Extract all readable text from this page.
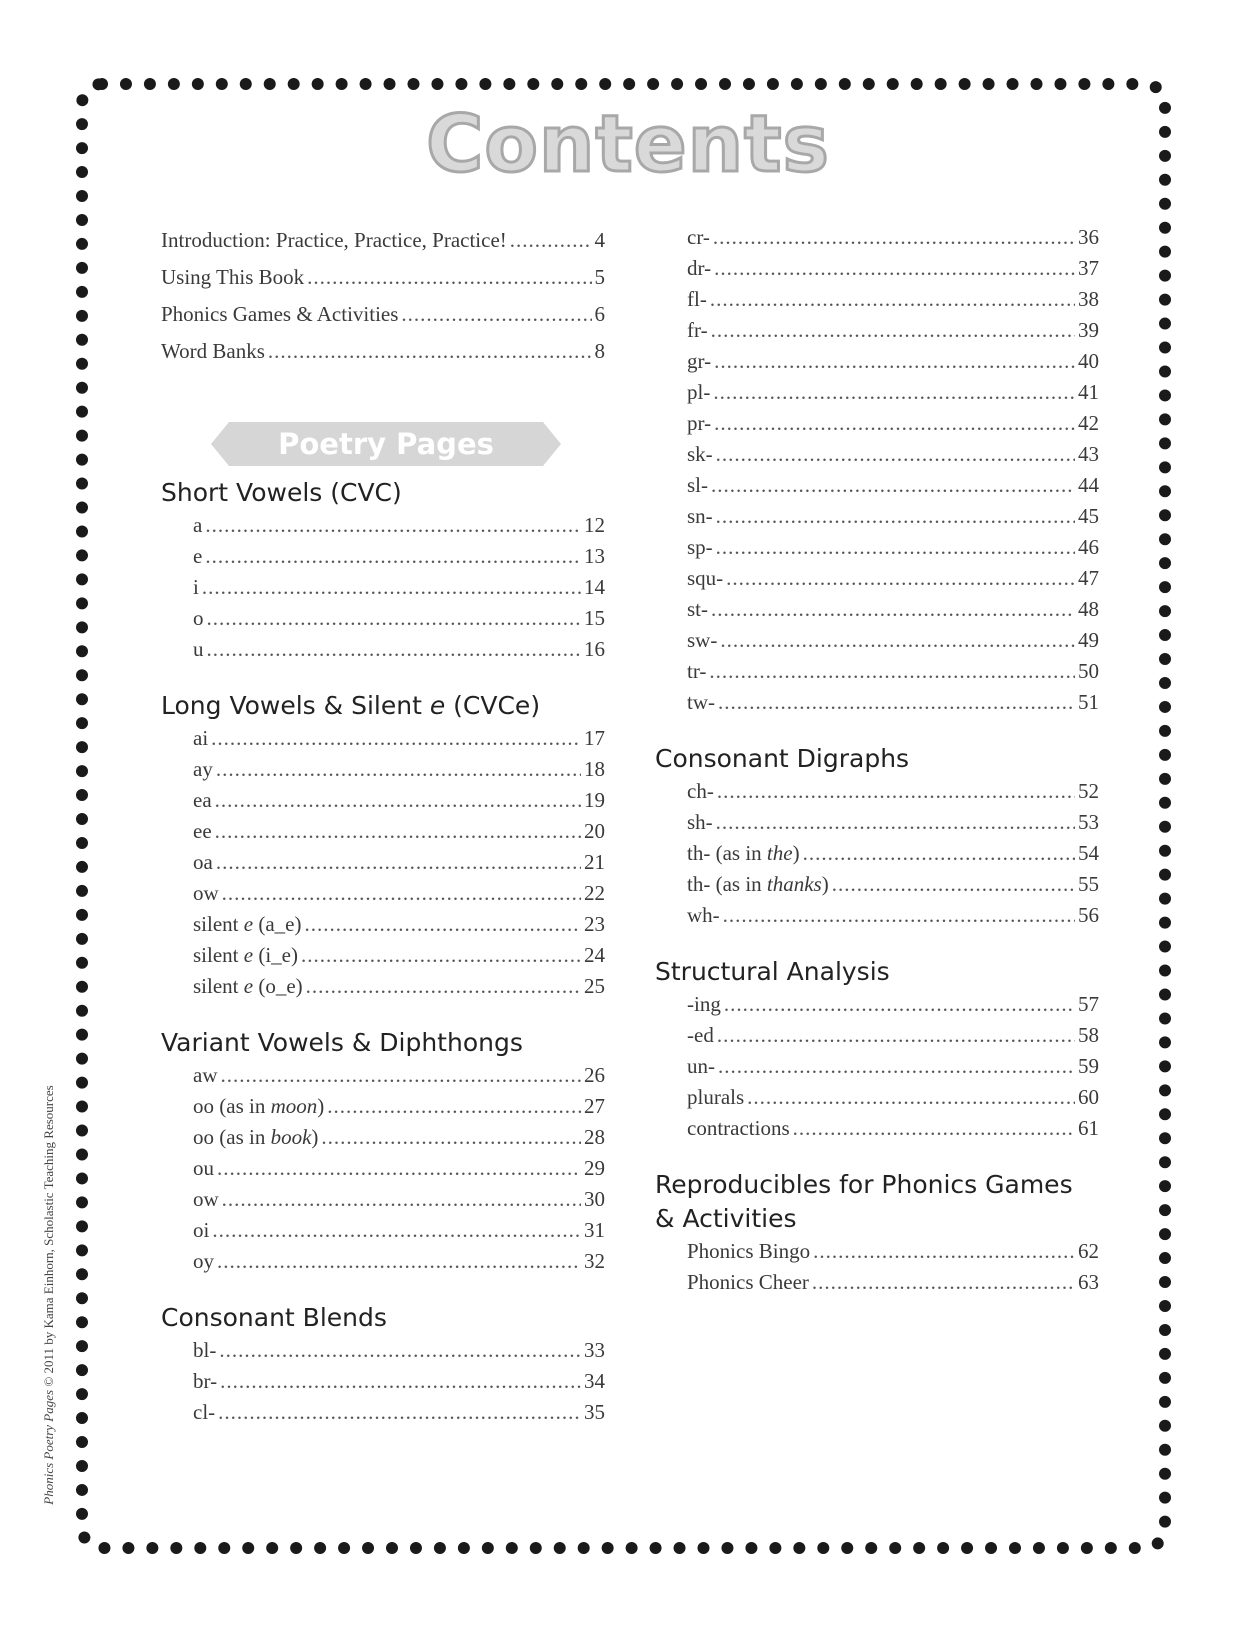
Contents
Introduction: Practice, Practice, Practice! .....	4
Using This Book .....	5
Phonics Games & Activities .....	6
Word Banks .....	8
Poetry Pages
Short Vowels (CVC)
a .....	12
e .....	13
i .....	14
o .....	15
u .....	16
Long Vowels & Silent e (CVCe)
ai .....	17
ay .....	18
ea .....	19
ee .....	20
oa .....	21
ow .....	22
silent e (a_e) .....	23
silent e (i_e) .....	24
silent e (o_e) .....	25
Variant Vowels & Diphthongs
aw .....	26
oo (as in moon) .....	27
oo (as in book) .....	28
ou .....	29
ow .....	30
oi .....	31
oy .....	32
Consonant Blends
bl- .....	33
br- .....	34
cl- .....	35
cr- .....	36
dr- .....	37
fl- .....	38
fr- .....	39
gr- .....	40
pl- .....	41
pr- .....	42
sk- .....	43
sl- .....	44
sn- .....	45
sp- .....	46
squ- .....	47
st- .....	48
sw- .....	49
tr- .....	50
tw- .....	51
Consonant Digraphs
ch- .....	52
sh- .....	53
th- (as in the) .....	54
th- (as in thanks) .....	55
wh- .....	56
Structural Analysis
-ing .....	57
-ed .....	58
un- .....	59
plurals .....	60
contractions .....	61
Reproducibles for Phonics Games
& Activities
Phonics Bingo .....	62
Phonics Cheer .....	63
Phonics Poetry Pages © 2011 by Kama Einhorn, Scholastic Teaching Resources
